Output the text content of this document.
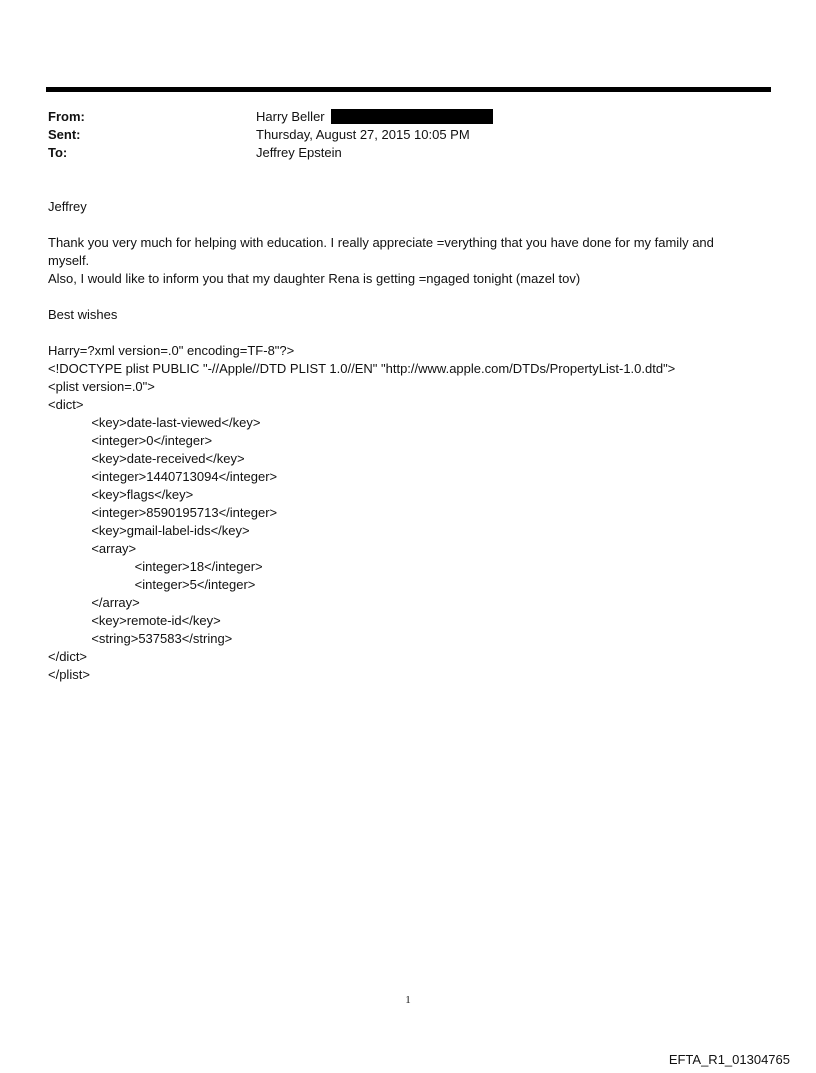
From:	Harry Beller
Sent:	Thursday, August 27, 2015 10:05 PM
To:	Jeffrey Epstein

Jeffrey

Thank you very much for helping with education. I really appreciate =verything that you have done for my family and

myself.

Also, I would like to inform you that my daughter Rena is getting =ngaged tonight (mazel tov)

Best wishes

Harry=?xml version=.0" encoding=TF-8"?>

<!DOCTYPE plist PUBLIC "-//Apple//DTD PLIST 1.0//EN" "http://www.apple.com/DTDs/PropertyList-1.0.dtd">

<plist version=.0">

<dict>

<key>date-last-viewed</key>

<integer>0</integer>

<key>date-received</key>

<integer>1440713094</integer>

<key>flags</key>

<integer>8590195713</integer>

<key>gmail-label-ids</key>

<array>

<integer>18</integer>

<integer>5</integer>

</array>

<key>remote-id</key>

<string>537583</string>

</dict>

</plist>

1
EFTA_R1_01304765
